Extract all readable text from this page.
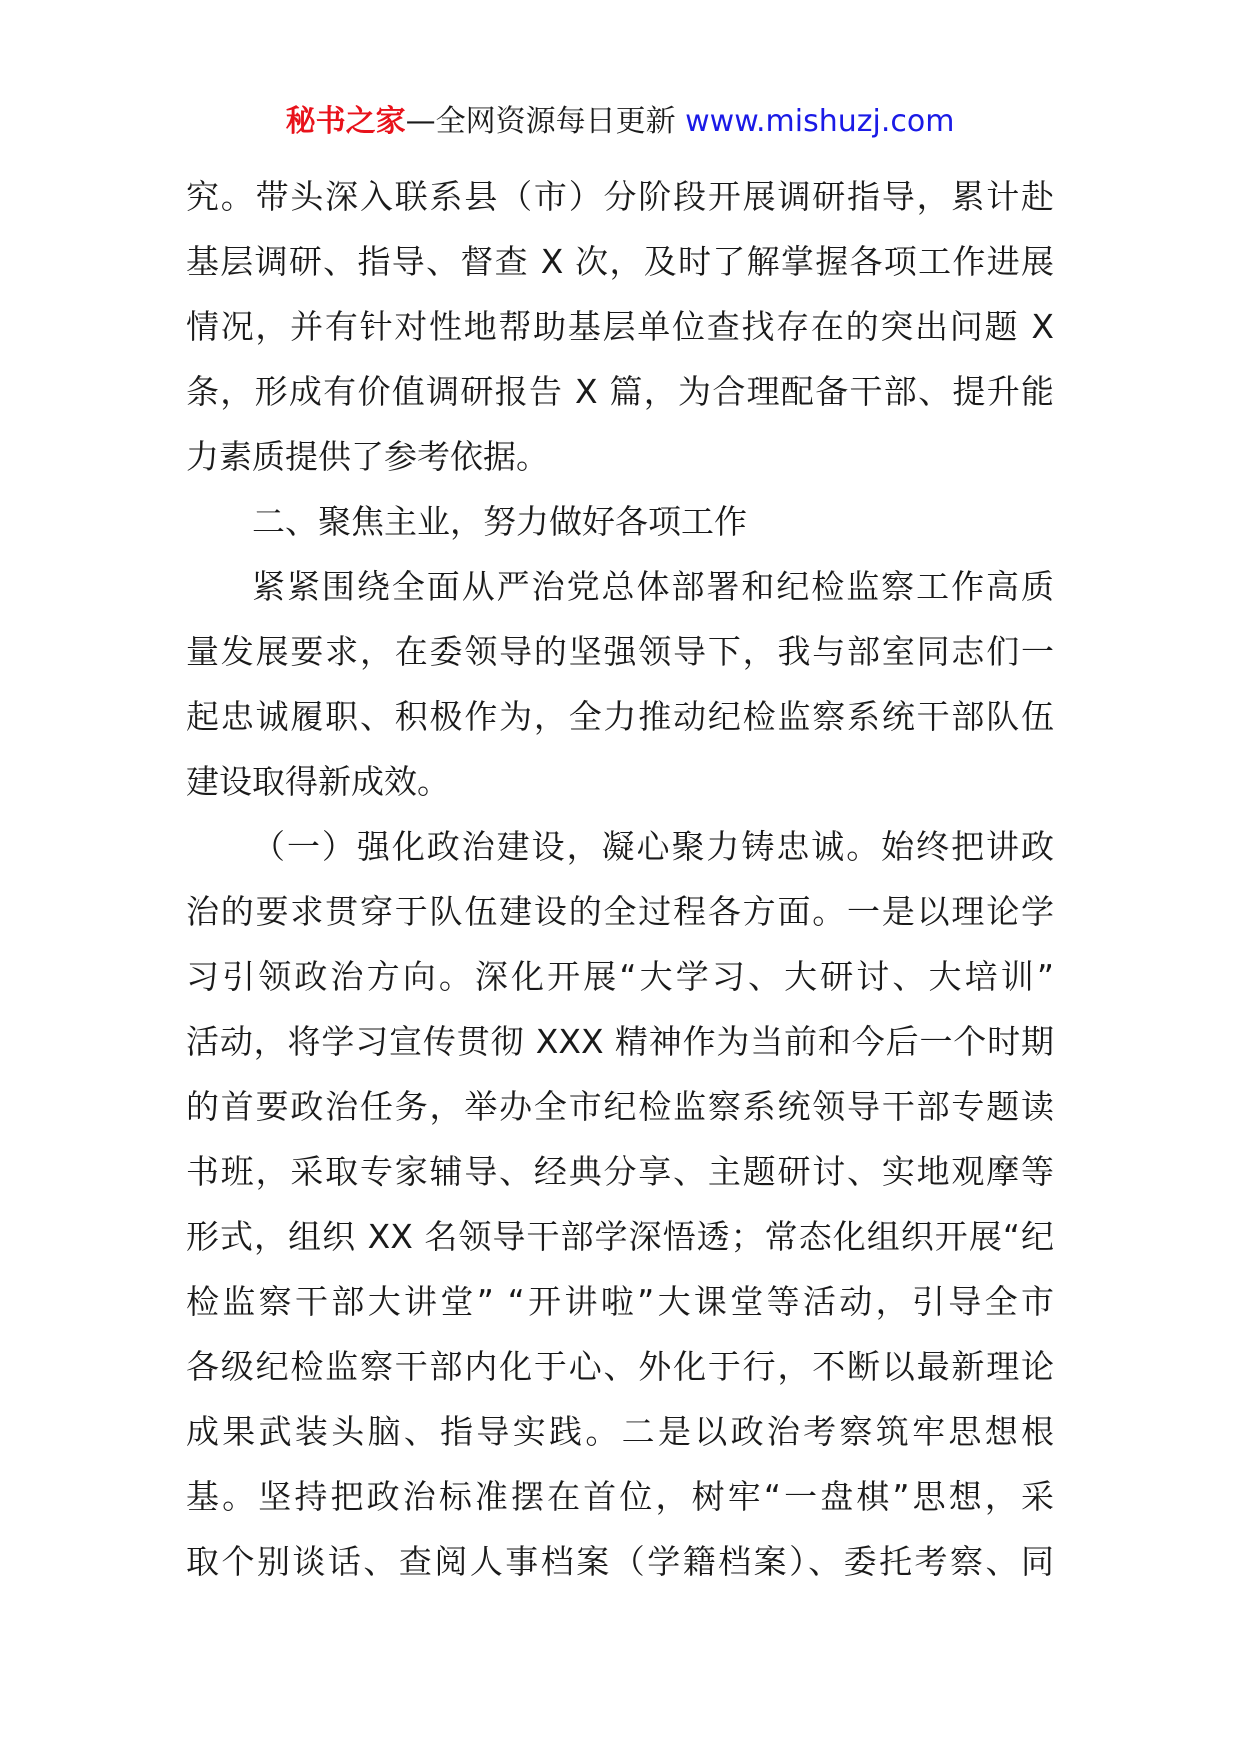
秘书之家—全网资源每日更新 www.mishuzj.com
究。带头深入联系县（市）分阶段开展调研指导，累计赴
基层调研、指导、督查 X 次，及时了解掌握各项工作进展
情况，并有针对性地帮助基层单位查找存在的突出问题 X
条，形成有价值调研报告 X 篇，为合理配备干部、提升能
力素质提供了参考依据。
二、聚焦主业，努力做好各项工作
紧紧围绕全面从严治党总体部署和纪检监察工作高质
量发展要求，在委领导的坚强领导下，我与部室同志们一
起忠诚履职、积极作为，全力推动纪检监察系统干部队伍
建设取得新成效。
（一）强化政治建设，凝心聚力铸忠诚。始终把讲政
治的要求贯穿于队伍建设的全过程各方面。一是以理论学
习引领政治方向。深化开展“大学习、大研讨、大培训”
活动，将学习宣传贯彻 XXX 精神作为当前和今后一个时期
的首要政治任务，举办全市纪检监察系统领导干部专题读
书班，采取专家辅导、经典分享、主题研讨、实地观摩等
形式，组织 XX 名领导干部学深悟透；常态化组织开展“纪
检监察干部大讲堂” “开讲啦”大课堂等活动，引导全市
各级纪检监察干部内化于心、外化于行，不断以最新理论
成果武装头脑、指导实践。二是以政治考察筑牢思想根
基。坚持把政治标准摆在首位，树牢“一盘棋”思想，采
取个别谈话、查阅人事档案（学籍档案）、委托考察、同
